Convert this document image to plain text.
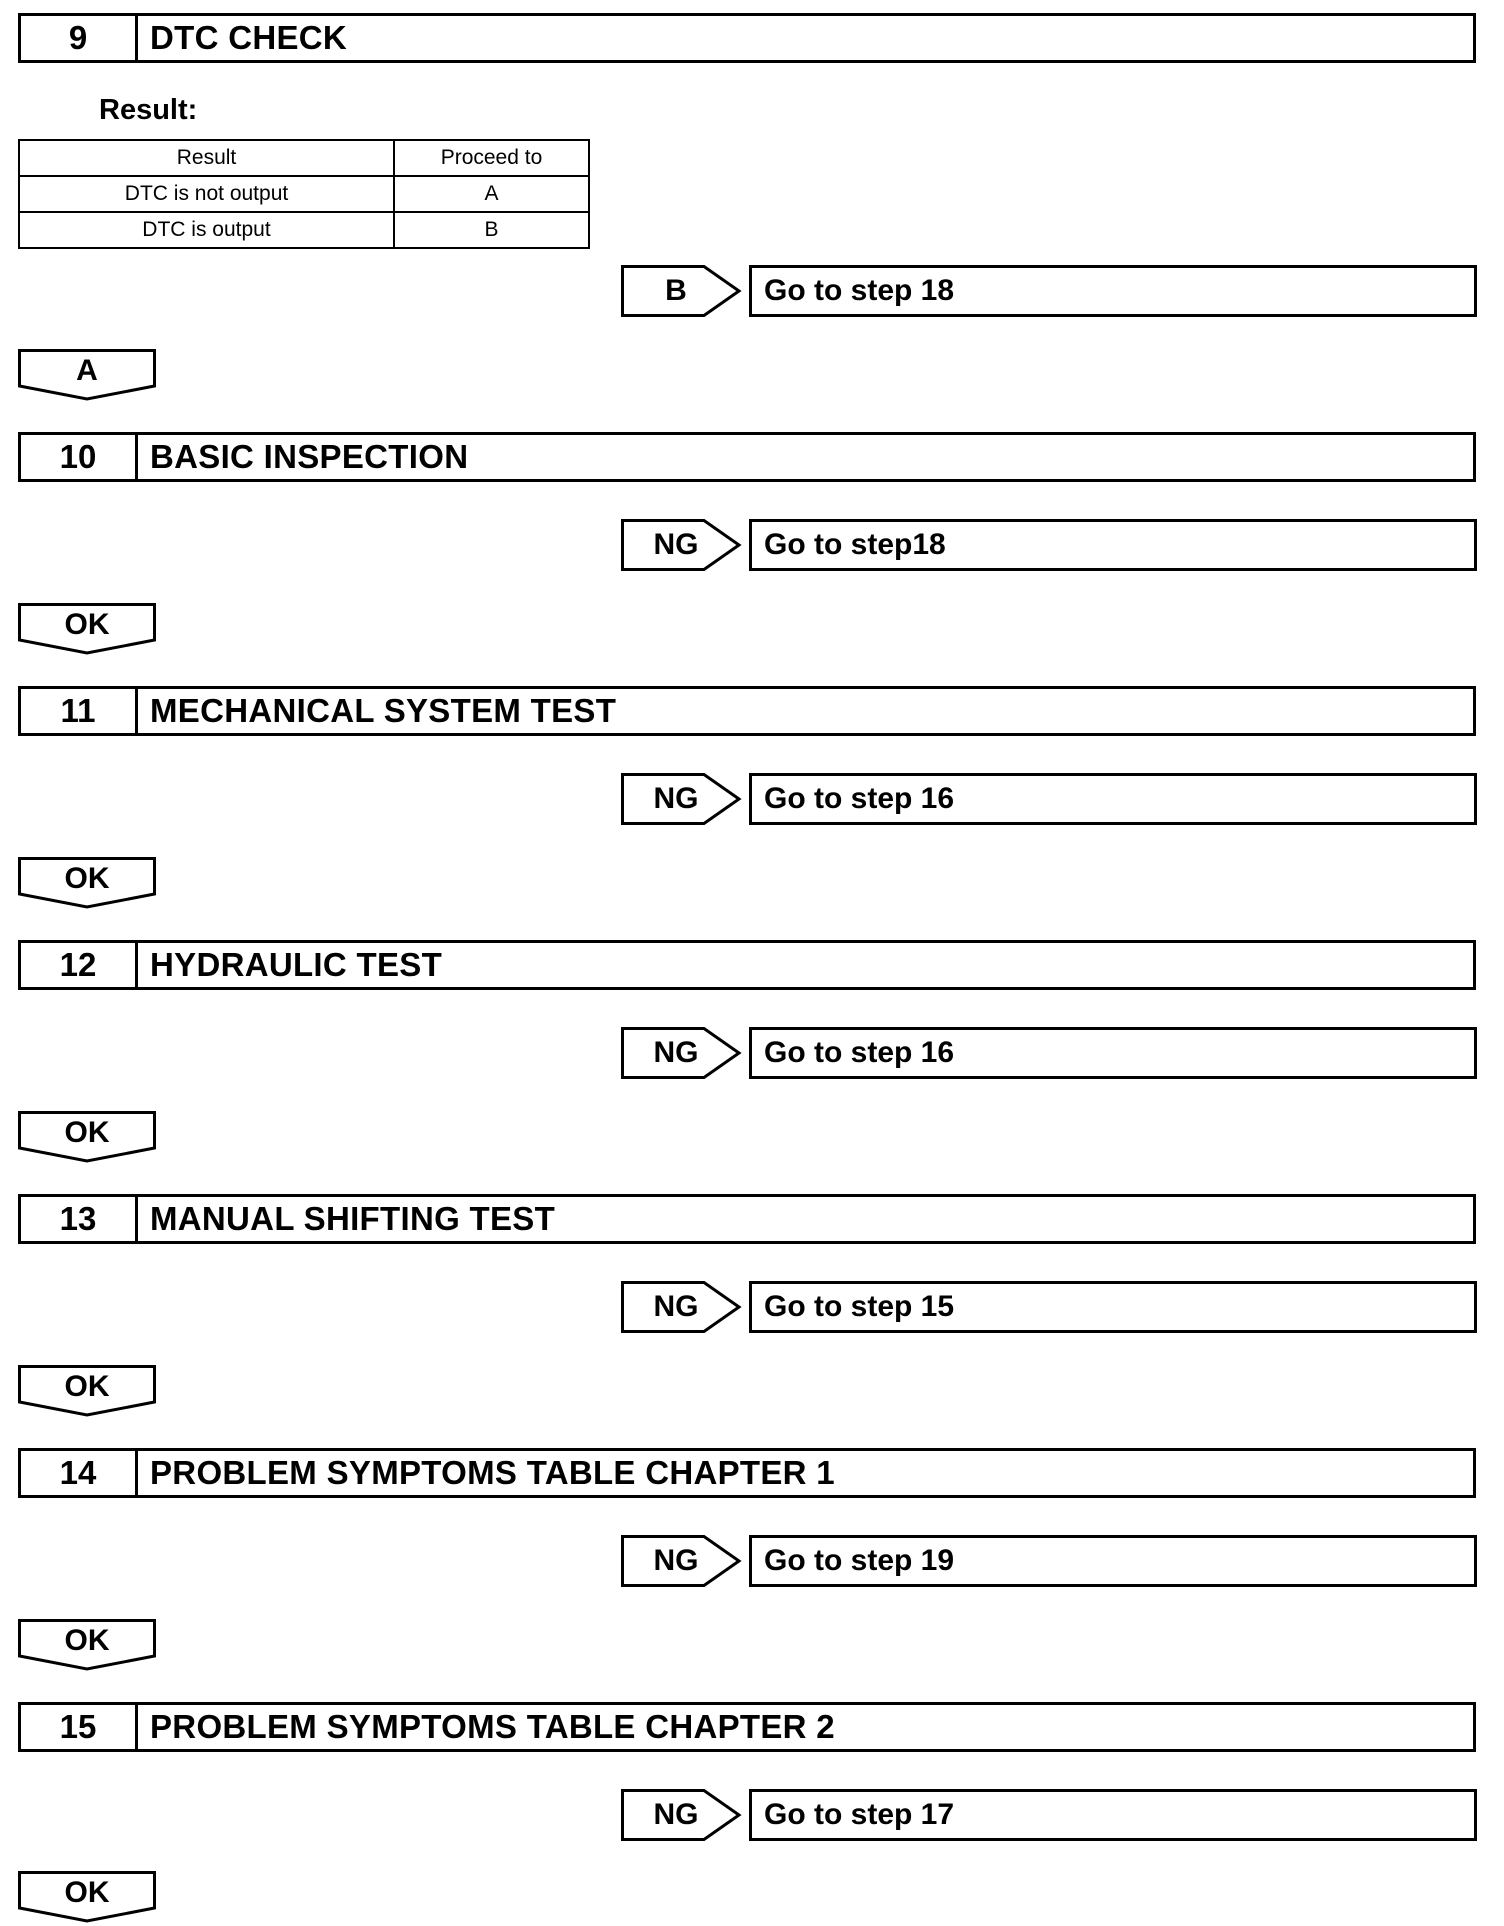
9	DTC CHECK
Result:
Result	Proceed to
DTC is not output	A
DTC is output	B
B	Go to step 18
A
10	BASIC INSPECTION
NG	Go to step18
OK
11	MECHANICAL SYSTEM TEST
NG	Go to step 16
OK
12	HYDRAULIC TEST
NG	Go to step 16
OK
13	MANUAL SHIFTING TEST
NG	Go to step 15
OK
14	PROBLEM SYMPTOMS TABLE CHAPTER 1
NG	Go to step 19
OK
15	PROBLEM SYMPTOMS TABLE CHAPTER 2
NG	Go to step 17
OK
